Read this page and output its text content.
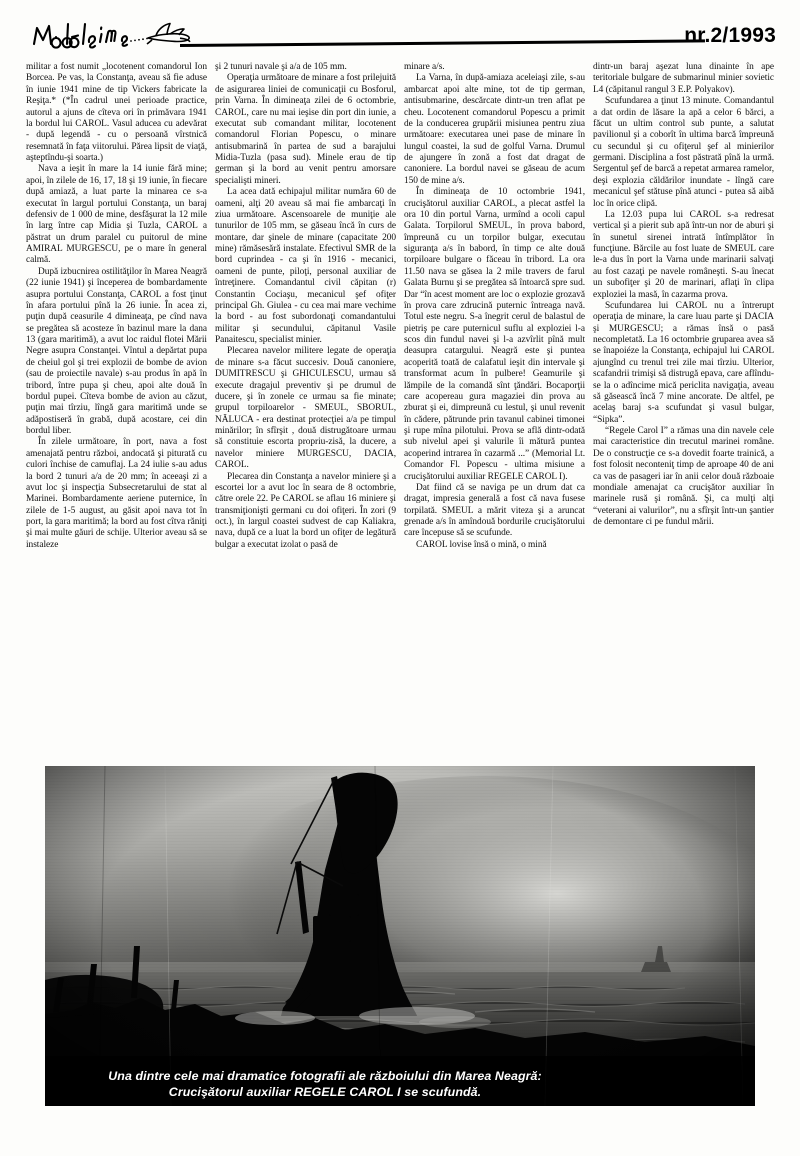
nr.2/1993

militar a fost numit „locotenent comandorul Ion Borcea. Pe vas, la Constanţa, aveau să fie aduse în iunie 1941 mine de tip Vickers fabricate la Reşiţa.* (*În cadrul unei perioade practice, autorul a ajuns de cîteva ori în primăvara 1941 la bordul lui CAROL. Vasul aducea cu adevărat - după legendă - cu o persoană vîrstnică resemnată în faţa viitorului. Părea lipsit de viaţă, aşteptîndu-şi soarta.)

Nava a ieşit în mare la 14 iunie fără mine; apoi, în zilele de 16, 17, 18 şi 19 iunie, în fiecare după amiază, a luat parte la minarea ce s-a executat în largul portului Constanţa, un baraj defensiv de 1 000 de mine, desfăşurat la 12 mile în larg între cap Midia şi Tuzla, CAROL a păstrat un drum paralel cu puitorul de mine AMIRAL MURGESCU, pe o mare în general calmă.

După izbucnirea ostilităţilor în Marea Neagră (22 iunie 1941) şi începerea de bombardamente asupra portului Constanţa, CAROL a fost ţinut în afara portului pînă la 26 iunie. În acea zi, puţin după ceasurile 4 dimineaţa, pe cînd nava se pregătea să acosteze în bazinul mare la dana 13 (gara maritimă), a avut loc raidul flotei Mării Negre asupra Constanţei. Vîntul a depărtat pupa de cheiul gol şi trei explozii de bombe de avion (sau de proiectile navale) s-au produs în apă în tribord, între pupa şi cheu, apoi alte două în bordul pupei. Cîteva bombe de avion au căzut, puţin mai tîrziu, lîngă gara maritimă unde se adăpostiseră în grabă, după acostare, cei din bordul liber.

În zilele următoare, în port, nava a fost amenajată pentru război, andocată şi piturată cu culori închise de camuflaj. La 24 iulie s-au adus la bord 2 tunuri a/a de 20 mm; în aceeaşi zi a avut loc şi inspecţia Subsecretarului de stat al Marinei. Bombardamente aeriene puternice, în zilele de 1-5 august, au găsit apoi nava tot în port, la gara maritimă; la bord au fost cîtva răniţi şi mai multe găuri de schije. Ulterior aveau să se instaleze

şi 2 tunuri navale şi a/a de 105 mm.

Operaţia următoare de minare a fost prilejuită de asigurarea liniei de comunicaţii cu Bosforul, prin Varna. În dimineaţa zilei de 6 octombrie, CAROL, care nu mai ieşise din port din iunie, a executat sub comandant militar, locotenent comandorul Florian Popescu, o minare antisubmarină în partea de sud a barajului Midia-Tuzla (pasa sud). Minele erau de tip german şi la bord au venit pentru amorsare specialişti mineri.

La acea dată echipajul militar număra 60 de oameni, alţi 20 aveau să mai fie ambarcaţi în ziua următoare. Ascensoarele de muniţie ale tunurilor de 105 mm, se găseau încă în curs de montare, dar şinele de minare (capacitate 200 mine) rămăsesără instalate. Efectivul SMR de la bord cuprindea - ca şi în 1916 - mecanici, oameni de punte, piloţi, personal auxiliar de întreţinere. Comandantul civil căpitan (r) Constantin Cociaşu, mecanicul şef ofiţer principal Gh. Giulea - cu cea mai mare vechime la bord - au fost subordonaţi comandantului militar şi secundului, căpitanul Vasile Panaitescu, specialist minier.

Plecarea navelor militere legate de operaţia de minare s-a făcut succesiv. Două canoniere, DUMITRESCU şi GHICULESCU, urmau să execute dragajul preventiv şi pe drumul de ducere, şi în zonele ce urmau sa fie minate; grupul torpiloarelor - SMEUL, SBORUL, NĂLUCA - era destinat protecţiei a/a pe timpul minărilor; în sfîrşit , două distrugătoare urmau să constituie escorta propriu-zisă, la ducere, a navelor miniere MURGESCU, DACIA, CAROL.

Plecarea din Constanţa a navelor miniere şi a escortei lor a avut loc în seara de 8 octombrie, către orele 22. Pe CAROL se aflau 16 miniere şi transmiţionişti germani cu doi ofiţeri. În zori (9 oct.), în largul coastei sudvest de cap Kaliakra, nava, după ce a luat la bord un ofiţer de legătură bulgar a executat izolat o pasă de

minare a/s.

La Varna, în după-amiaza aceleiaşi zile, s-au ambarcat apoi alte mine, tot de tip german, antisubmarine, descărcate dintr-un tren aflat pe cheu. Locotenent comandorul Popescu a primit de la conducerea grupării misiunea pentru ziua următoare: executarea unei pase de minare în lungul coastei, la sud de golful Varna. Drumul de ajungere în zonă a fost dat dragat de canoniere. La bordul navei se găseau de acum 150 de mine a/s.

În dimineaţa de 10 octombrie 1941, crucişătorul auxiliar CAROL, a plecat astfel la ora 10 din portul Varna, urmînd a ocoli capul Galata. Torpilorul SMEUL, în prova babord, împreună cu un torpilor bulgar, executau siguranţa a/s în babord, în timp ce alte două torpiloare bulgare o făceau în tribord. La ora 11.50 nava se găsea la 2 mile travers de farul Galata Burnu şi se pregătea să întoarcă spre sud. Dar “în acest moment are loc o explozie grozavă în prova care zdrucină puternic întreaga navă. Totul este negru. S-a înegrit cerul de balastul de pietriş pe care puternicul suflu al exploziei l-a scos din fundul navei şi l-a azvîrlit pînă mult deasupra catargului. Neagră este şi puntea acoperită toată de calafatul ieşit din intervale şi transformat acum în pulbere! Geamurile şi lămpile de la comandă sînt ţăndări. Bocaporţii care acopereau gura magaziei din prova au zburat şi ei, dimpreună cu lestul, şi unul revenit în cădere, pătrunde prin tavanul cabinei timonei şi rupe mîna pilotului. Prova se află dintr-odată sub nivelul apei şi valurile îi mătură puntea acoperind intrarea în cazarmă ...” (Memorial Lt. Comandor Fl. Popescu - ultima misiune a crucişătorului auxiliar REGELE CAROL I).

Dat fiind că se naviga pe un drum dat ca dragat, impresia generală a fost că nava fusese torpilată. SMEUL a mărit viteza şi a aruncat grenade a/s în amîndouă bordurile crucişătorului care începuse să se scufunde.

CAROL lovise însă o mină, o mină

dintr-un baraj aşezat luna dinainte în ape teritoriale bulgare de submarinul minier sovietic L4 (căpitanul rangul 3 E.P. Polyakov).

Scufundarea a ţinut 13 minute. Comandantul a dat ordin de lăsare la apă a celor 6 bărci, a făcut un ultim control sub punte, a salutat pavilionul şi a coborît în ultima barcă împreună cu secundul şi cu ofiţerul şef al minierilor germani. Disciplina a fost păstrată pînă la urmă. Sergentul şef de barcă a repetat armarea ramelor, deşi explozia căldărilor inundate - lîngă care mecanicul şef stătuse pînă atunci - putea să aibă loc în orice clipă.

La 12.03 pupa lui CAROL s-a redresat vertical şi a pierit sub apă într-un nor de aburi şi în sunetul sirenei intrată întîmplător în funcţiune. Bărcile au fost luate de SMEUL care le-a dus în port la Varna unde marinarii salvaţi au fost cazaţi pe navele româneşti. S-au înecat un subofiţer şi 20 de marinari, aflaţi în clipa exploziei la masă, în cazarma prova.

Scufundarea lui CAROL nu a întrerupt operaţia de minare, la care luau parte şi DACIA şi MURGESCU; a rămas însă o pasă necompletată. La 16 octombrie gruparea avea să se înapoiéze la Constanţa, echipajul lui CAROL ajungînd cu trenul trei zile mai tîrziu. Ulterior, scafandrii trimişi să distrugă epava, care aflîndu-se la o adîncime mică periclita navigaţia, aveau să găsească încă 7 mine ancorate. De altfel, pe acelaş baraj s-a scufundat şi vasul bulgar, “Sipka”.

“Regele Carol I” a rămas una din navele cele mai caracteristice din trecutul marinei române. De o construcţie ce s-a dovedit foarte trainică, a fost folosit neconteniţ timp de aproape 40 de ani ca vas de pasageri iar în anii celor două războaie mondiale amenajat ca crucişător auxiliar în marinele rusă şi română. Şi, ca mulţi alţi “veterani ai valurilor”, nu a sfîrşit într-un şantier de demontare ci pe fundul mării.

Una dintre cele mai dramatice fotografii ale războiului din Marea Neagră:
Crucişătorul auxiliar REGELE CAROL I se scufundă.
